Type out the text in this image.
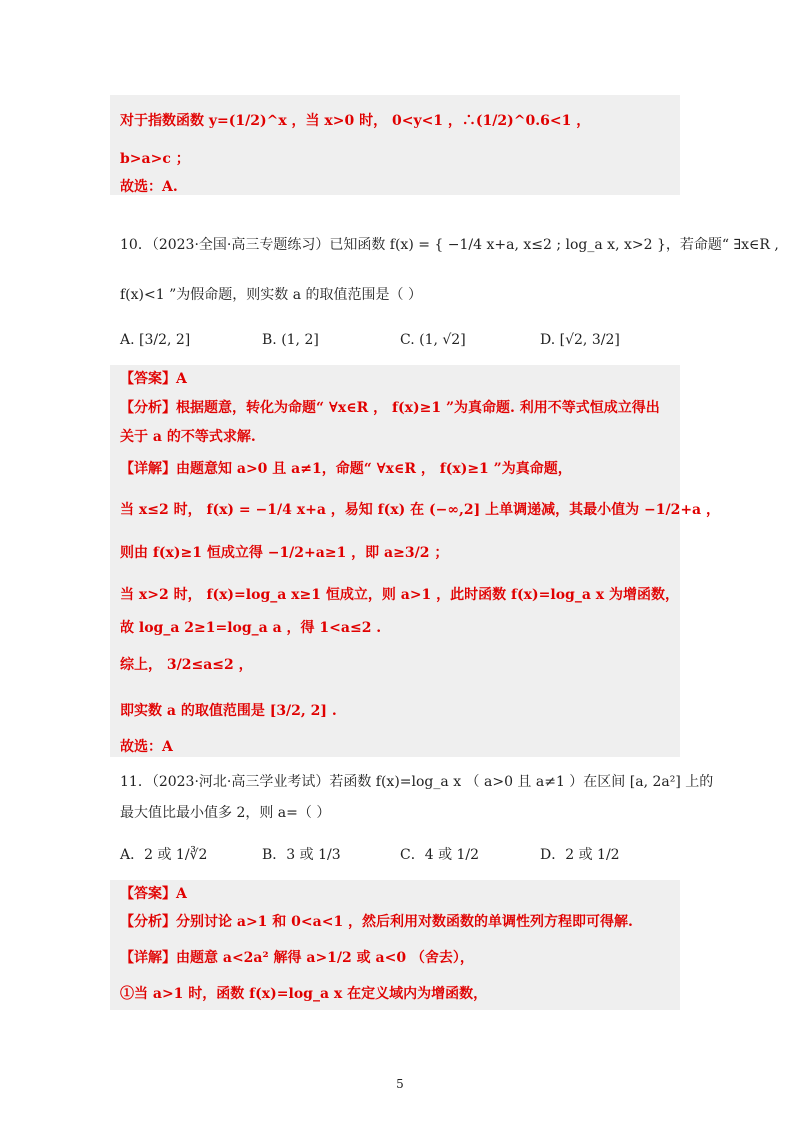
对于指数函数 y=(1/2)^x ，当 x>0 时， 0<y<1 ，∴(1/2)^0.6<1 ，
b>a>c ；
故选：A.
10．（2023·全国·高三专题练习）已知函数 f(x) = { −1/4 x+a, x≤2 ; log_a x, x>2 }，若命题“ ∃x∈R ,
f(x)<1 ”为假命题，则实数 a 的取值范围是（ ）
A. [3/2, 2]	B. (1, 2]	C. (1, √2]	D. [√2, 3/2]
【答案】A
【分析】根据题意，转化为命题“ ∀x∈R ， f(x)≥1 ”为真命题. 利用不等式恒成立得出
关于 a 的不等式求解.
【详解】由题意知 a>0 且 a≠1，命题“ ∀x∈R ， f(x)≥1 ”为真命题，
当 x≤2 时， f(x) = −1/4 x+a ，易知 f(x) 在 (−∞,2] 上单调递减，其最小值为 −1/2+a ，
则由 f(x)≥1 恒成立得 −1/2+a≥1 ，即 a≥3/2 ；
当 x>2 时， f(x)=log_a x≥1 恒成立，则 a>1 ，此时函数 f(x)=log_a x 为增函数，
故 log_a 2≥1=log_a a ，得 1<a≤2 .
综上， 3/2≤a≤2 ，
即实数 a 的取值范围是 [3/2, 2] .
故选：A
11．（2023·河北·高三学业考试）若函数 f(x)=log_a x （ a>0 且 a≠1 ）在区间 [a, 2a²] 上的
最大值比最小值多 2，则 a=（ ）
A．2 或 1/∛2	B．3 或 1/3	C．4 或 1/2	D．2 或 1/2
【答案】A
【分析】分别讨论 a>1 和 0<a<1 ，然后利用对数函数的单调性列方程即可得解.
【详解】由题意 a<2a² 解得 a>1/2 或 a<0 （舍去），
①当 a>1 时，函数 f(x)=log_a x 在定义域内为增函数，
5
